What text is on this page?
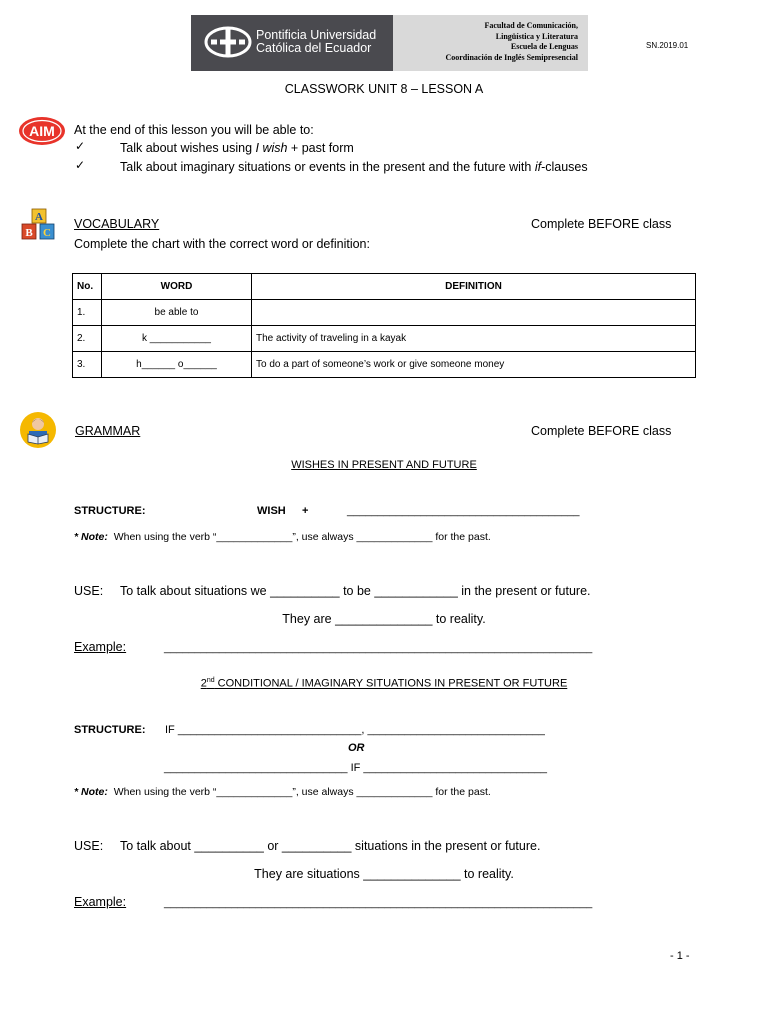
Pontificia Universidad
Católica del Ecuador
Facultad de Comunicación,
Lingüística y Literatura
Escuela de Lenguas
Coordinación de Inglés Semipresencial
SN.2019.01
CLASSWORK UNIT 8 – LESSON A
AIM At the end of this lesson you will be able to:
✓	Talk about wishes using I wish + past form
✓	Talk about imaginary situations or events in the present and the future with if-clauses
A
B C
VOCABULARY	Complete BEFORE class
Complete the chart with the correct word or definition:
No.	WORD	DEFINITION
1.	be able to	
2.	k ___________	The activity of traveling in a kayak
3.	h______ o______	To do a part of someone’s work or give someone money
GRAMMAR	Complete BEFORE class
WISHES IN PRESENT AND FUTURE
STRUCTURE:	WISH +	______________________________________
* Note: When using the verb “_____________”, use always _____________ for the past.
USE: To talk about situations we __________ to be ____________ in the present or future.
They are ______________ to reality.
Example:	______________________________________________________________________
2nd CONDITIONAL / IMAGINARY SITUATIONS IN PRESENT OR FUTURE
STRUCTURE: IF ______________________________, _____________________________
OR
______________________________ IF ______________________________
* Note: When using the verb “_____________”, use always _____________ for the past.
USE: To talk about __________ or __________ situations in the present or future.
They are situations ______________ to reality.
Example:	______________________________________________________________________
- 1 -
